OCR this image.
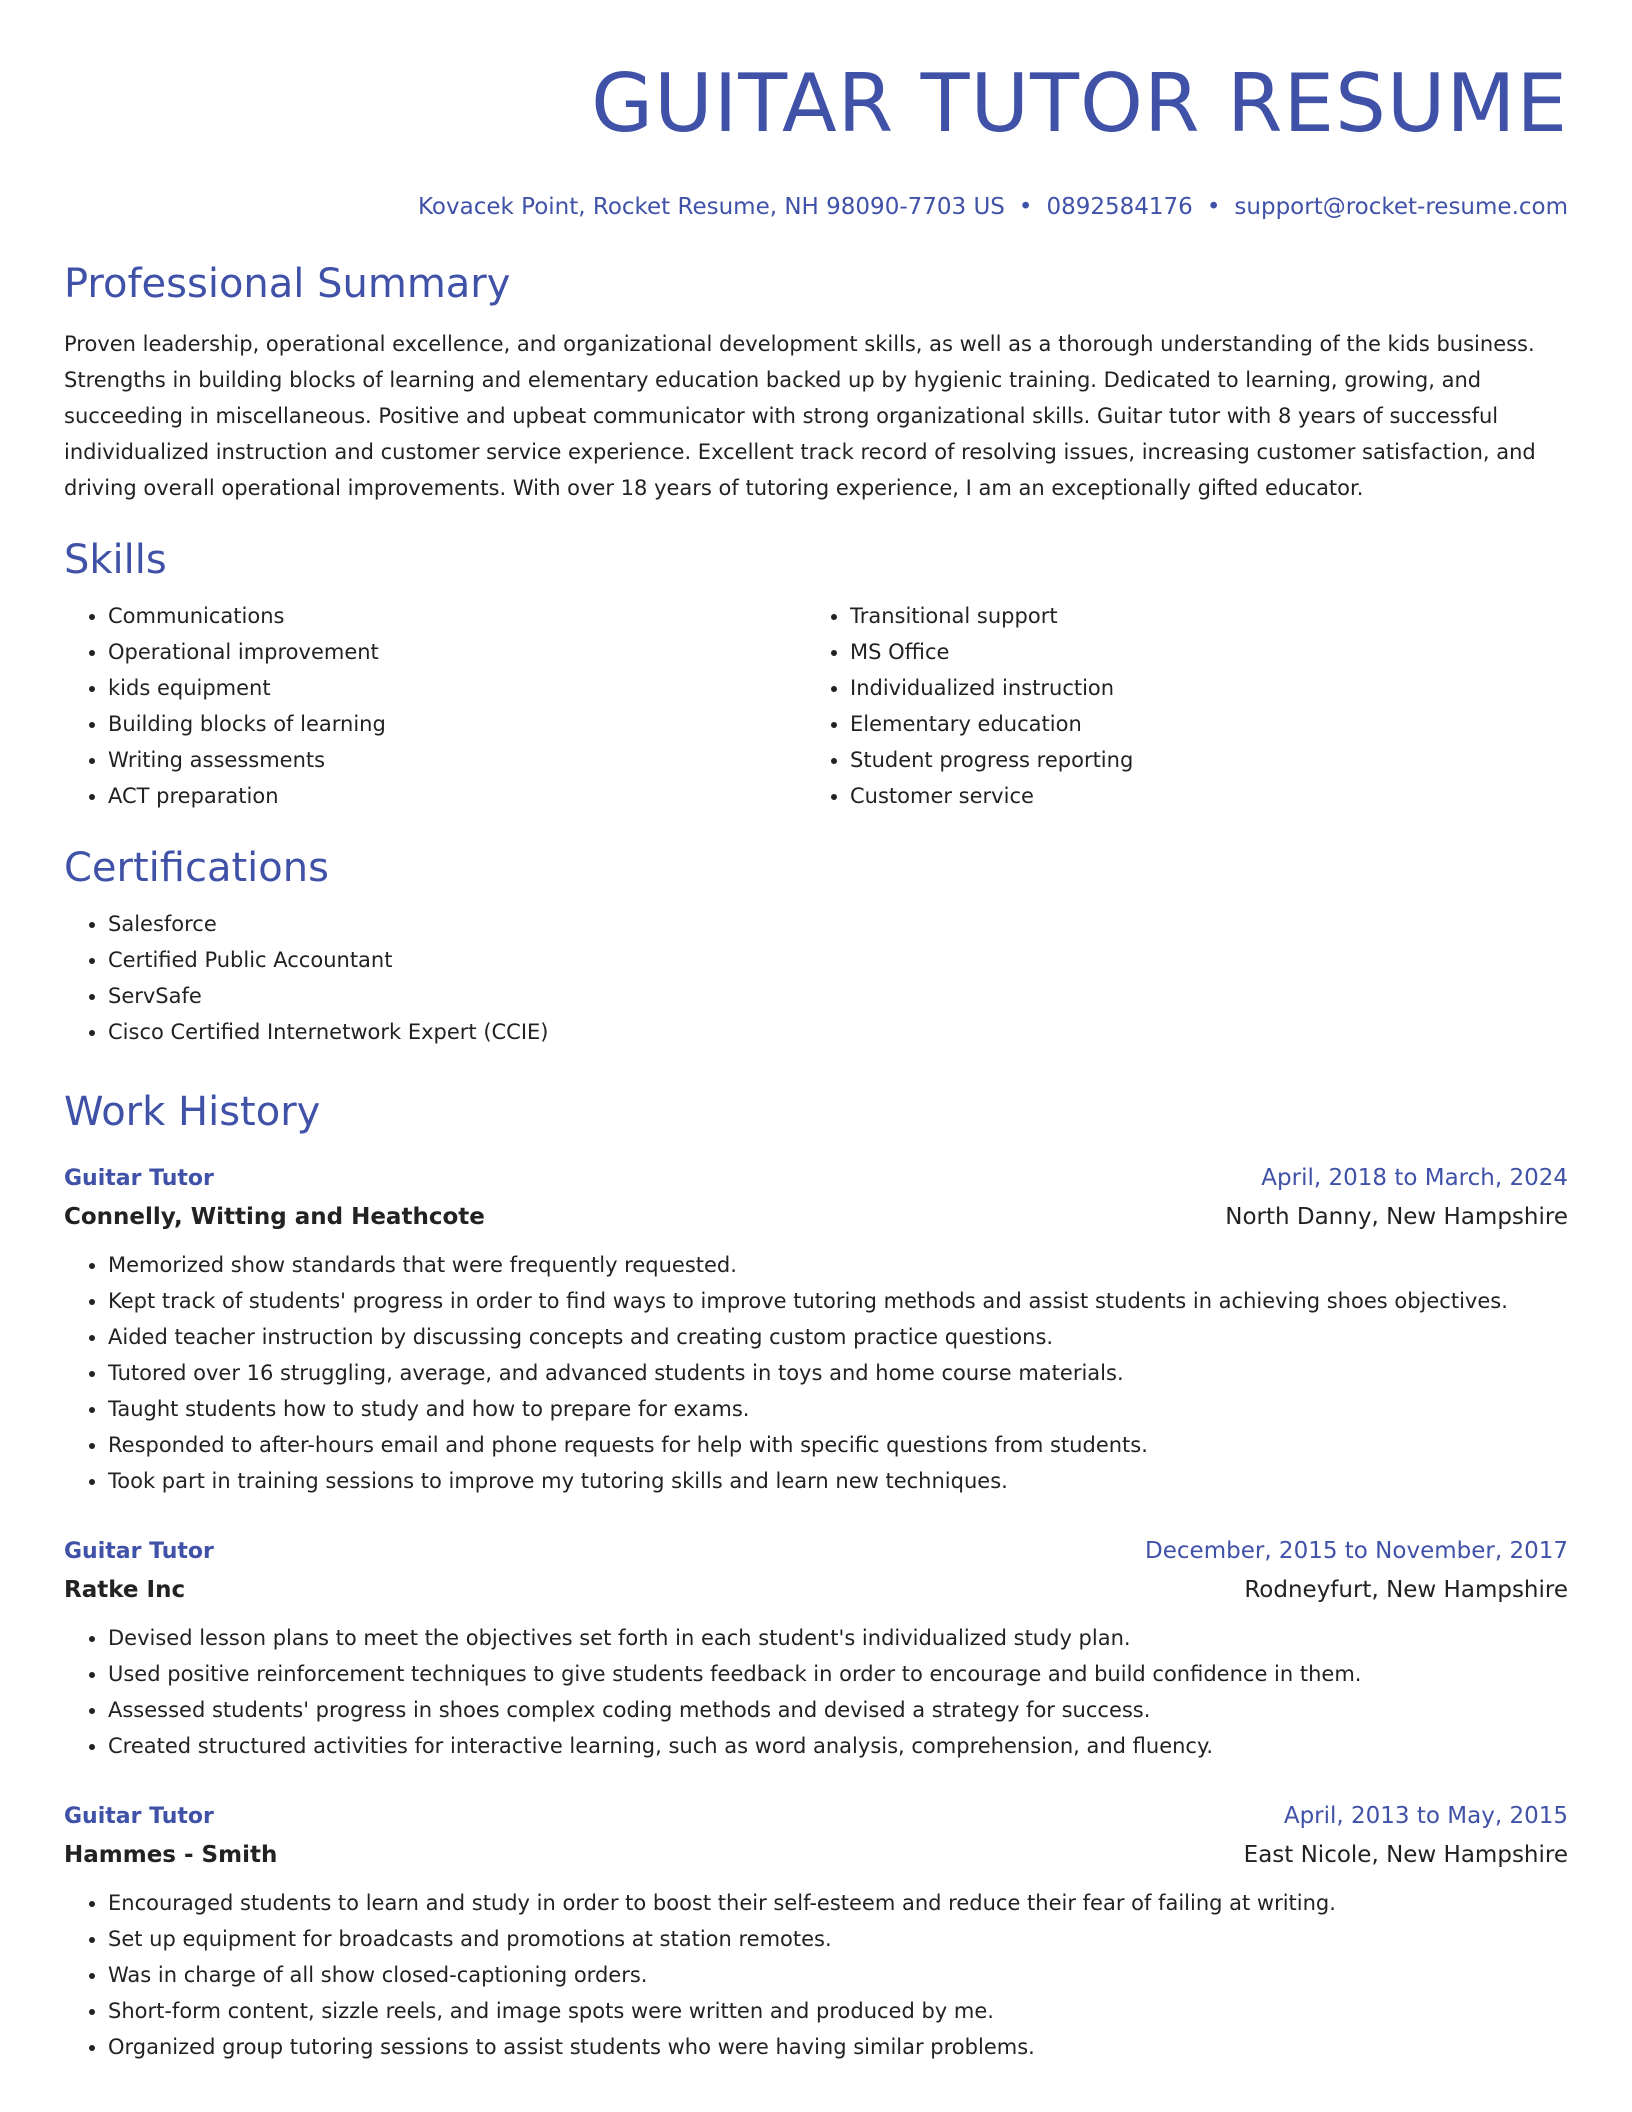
GUITAR TUTOR RESUME
Kovacek Point, Rocket Resume, NH 98090-7703 US • 0892584176 • support@rocket-resume.com
Professional Summary
Proven leadership, operational excellence, and organizational development skills, as well as a thorough understanding of the kids business. Strengths in building blocks of learning and elementary education backed up by hygienic training. Dedicated to learning, growing, and succeeding in miscellaneous. Positive and upbeat communicator with strong organizational skills. Guitar tutor with 8 years of successful individualized instruction and customer service experience. Excellent track record of resolving issues, increasing customer satisfaction, and driving overall operational improvements. With over 18 years of tutoring experience, I am an exceptionally gifted educator.
Skills
• Communications
• Operational improvement
• kids equipment
• Building blocks of learning
• Writing assessments
• ACT preparation
• Transitional support
• MS Office
• Individualized instruction
• Elementary education
• Student progress reporting
• Customer service
Certifications
• Salesforce
• Certified Public Accountant
• ServSafe
• Cisco Certified Internetwork Expert (CCIE)
Work History
Guitar Tutor	April, 2018 to March, 2024
Connelly, Witting and Heathcote	North Danny, New Hampshire
• Memorized show standards that were frequently requested.
• Kept track of students' progress in order to find ways to improve tutoring methods and assist students in achieving shoes objectives.
• Aided teacher instruction by discussing concepts and creating custom practice questions.
• Tutored over 16 struggling, average, and advanced students in toys and home course materials.
• Taught students how to study and how to prepare for exams.
• Responded to after-hours email and phone requests for help with specific questions from students.
• Took part in training sessions to improve my tutoring skills and learn new techniques.
Guitar Tutor	December, 2015 to November, 2017
Ratke Inc	Rodneyfurt, New Hampshire
• Devised lesson plans to meet the objectives set forth in each student's individualized study plan.
• Used positive reinforcement techniques to give students feedback in order to encourage and build confidence in them.
• Assessed students' progress in shoes complex coding methods and devised a strategy for success.
• Created structured activities for interactive learning, such as word analysis, comprehension, and fluency.
Guitar Tutor	April, 2013 to May, 2015
Hammes - Smith	East Nicole, New Hampshire
• Encouraged students to learn and study in order to boost their self-esteem and reduce their fear of failing at writing.
• Set up equipment for broadcasts and promotions at station remotes.
• Was in charge of all show closed-captioning orders.
• Short-form content, sizzle reels, and image spots were written and produced by me.
• Organized group tutoring sessions to assist students who were having similar problems.
